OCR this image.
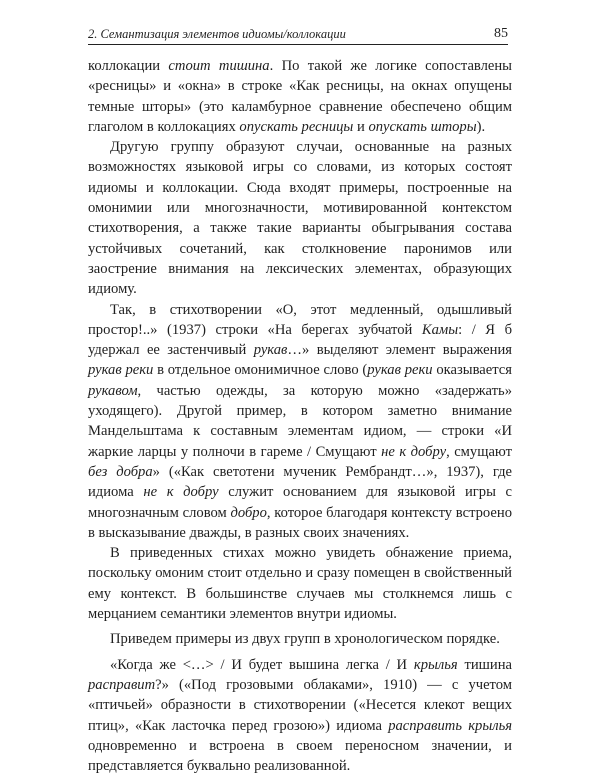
2. Семантизация элементов идиомы/коллокации	85

коллокации стоит тишина. По такой же логике сопоставлены «ресницы» и «окна» в строке «Как ресницы, на окнах опущены темные шторы» (это каламбурное сравнение обеспечено общим глаголом в коллокациях опускать ресницы и опускать шторы).

Другую группу образуют случаи, основанные на разных возможностях языковой игры со словами, из которых состоят идиомы и коллокации. Сюда входят примеры, построенные на омонимии или многозначности, мотивированной контекстом стихотворения, а также такие варианты обыгрывания состава устойчивых сочетаний, как столкновение паронимов или заострение внимания на лексических элементах, образующих идиому.

Так, в стихотворении «О, этот медленный, одышливый простор!..» (1937) строки «На берегах зубчатой Камы: / Я б удержал ее застенчивый рукав…» выделяют элемент выражения рукав реки в отдельное омонимичное слово (рукав реки оказывается рукавом, частью одежды, за которую можно «задержать» уходящего). Другой пример, в котором заметно внимание Мандельштама к составным элементам идиом, — строки «И жаркие ларцы у полночи в гареме / Смущают не к добру, смущают без добра» («Как светотени мученик Рембрандт…», 1937), где идиома не к добру служит основанием для языковой игры с многозначным словом добро, которое благодаря контексту встроено в высказывание дважды, в разных своих значениях.

В приведенных стихах можно увидеть обнажение приема, поскольку омоним стоит отдельно и сразу помещен в свойственный ему контекст. В большинстве случаев мы столкнемся лишь с мерцанием семантики элементов внутри идиомы.

Приведем примеры из двух групп в хронологическом порядке.

«Когда же <…> / И будет вышина легка / И крылья тишина расправит?» («Под грозовыми облаками», 1910) — с учетом «птичьей» образности в стихотворении («Несется клекот вещих птиц», «Как ласточка перед грозою») идиома расправить крылья одновременно и встроена в своем переносном значении, и представляется буквально реализованной.
